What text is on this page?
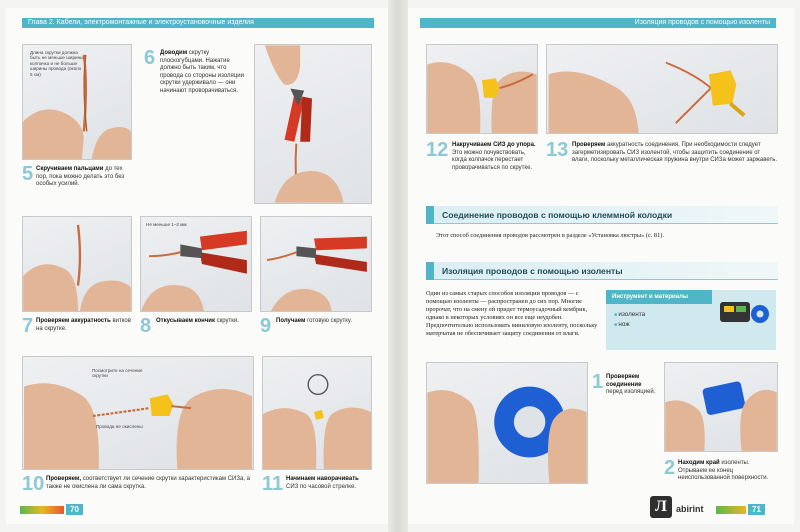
Глава 2. Кабели, электромонтажные и электроустановочные изделия	Изоляция проводов с помощью изоленты
Длина скрутки должна быть не меньше ширины колпачка и не больше ширины провода (около 5 см)
5 Скручиваем пальцами до тех пор, пока можно делать это без особых усилий.
6 Доводим скрутку плоскогубцами. Нажатие должно быть таким, что провода со стороны изоляции скрутки удерживало — они начинают проворачиваться.
7 Проверяем аккуратность витков на скрутке.
Не меньше 1–2 мм
8 Откусываем кончик скрутки.	9 Получаем готовую скрутку.
Посмотрите на сечение скрутки
Провода не окислены
10 Проверяем, соответствует ли сечение скрутки характеристикам СИЗа, а также не окислена ли сама скрутка.	11 Начинаем наворачивать СИЗ по часовой стрелке.
12 Накручиваем СИЗ до упора. Это можно почувствовать, когда колпачок перестает проворачиваться по скрутке.
13 Проверяем аккуратность соединения. При необходимости следует загерметизировать СИЗ изолентой, чтобы защитить соединение от влаги, поскольку металлическая пружина внутри СИЗа может заржаветь.
Соединение проводов с помощью клеммной колодки
Этот способ соединения проводов рассмотрен в разделе «Установка люстры» (с. 81).
Изоляция проводов с помощью изоленты
Один из самых старых способов изоляции проводов — с помощью изоленты — распространен до сих пор. Многие пророчат, что на смену ей придет термоусадочный кембрик, однако в некоторых условиях он все еще неудобен. Предпочтительно использовать виниловую изоленту, поскольку матерчатая не обеспечивает защиту соединения от влаги.
Инструмент и материалы
■ изолента
■ нож
1 Проверяем соединение перед изоляцией.
2 Находим край изоленты. Отрываем ее конец неиспользованной поверхности.
70	71
Л	abirint
